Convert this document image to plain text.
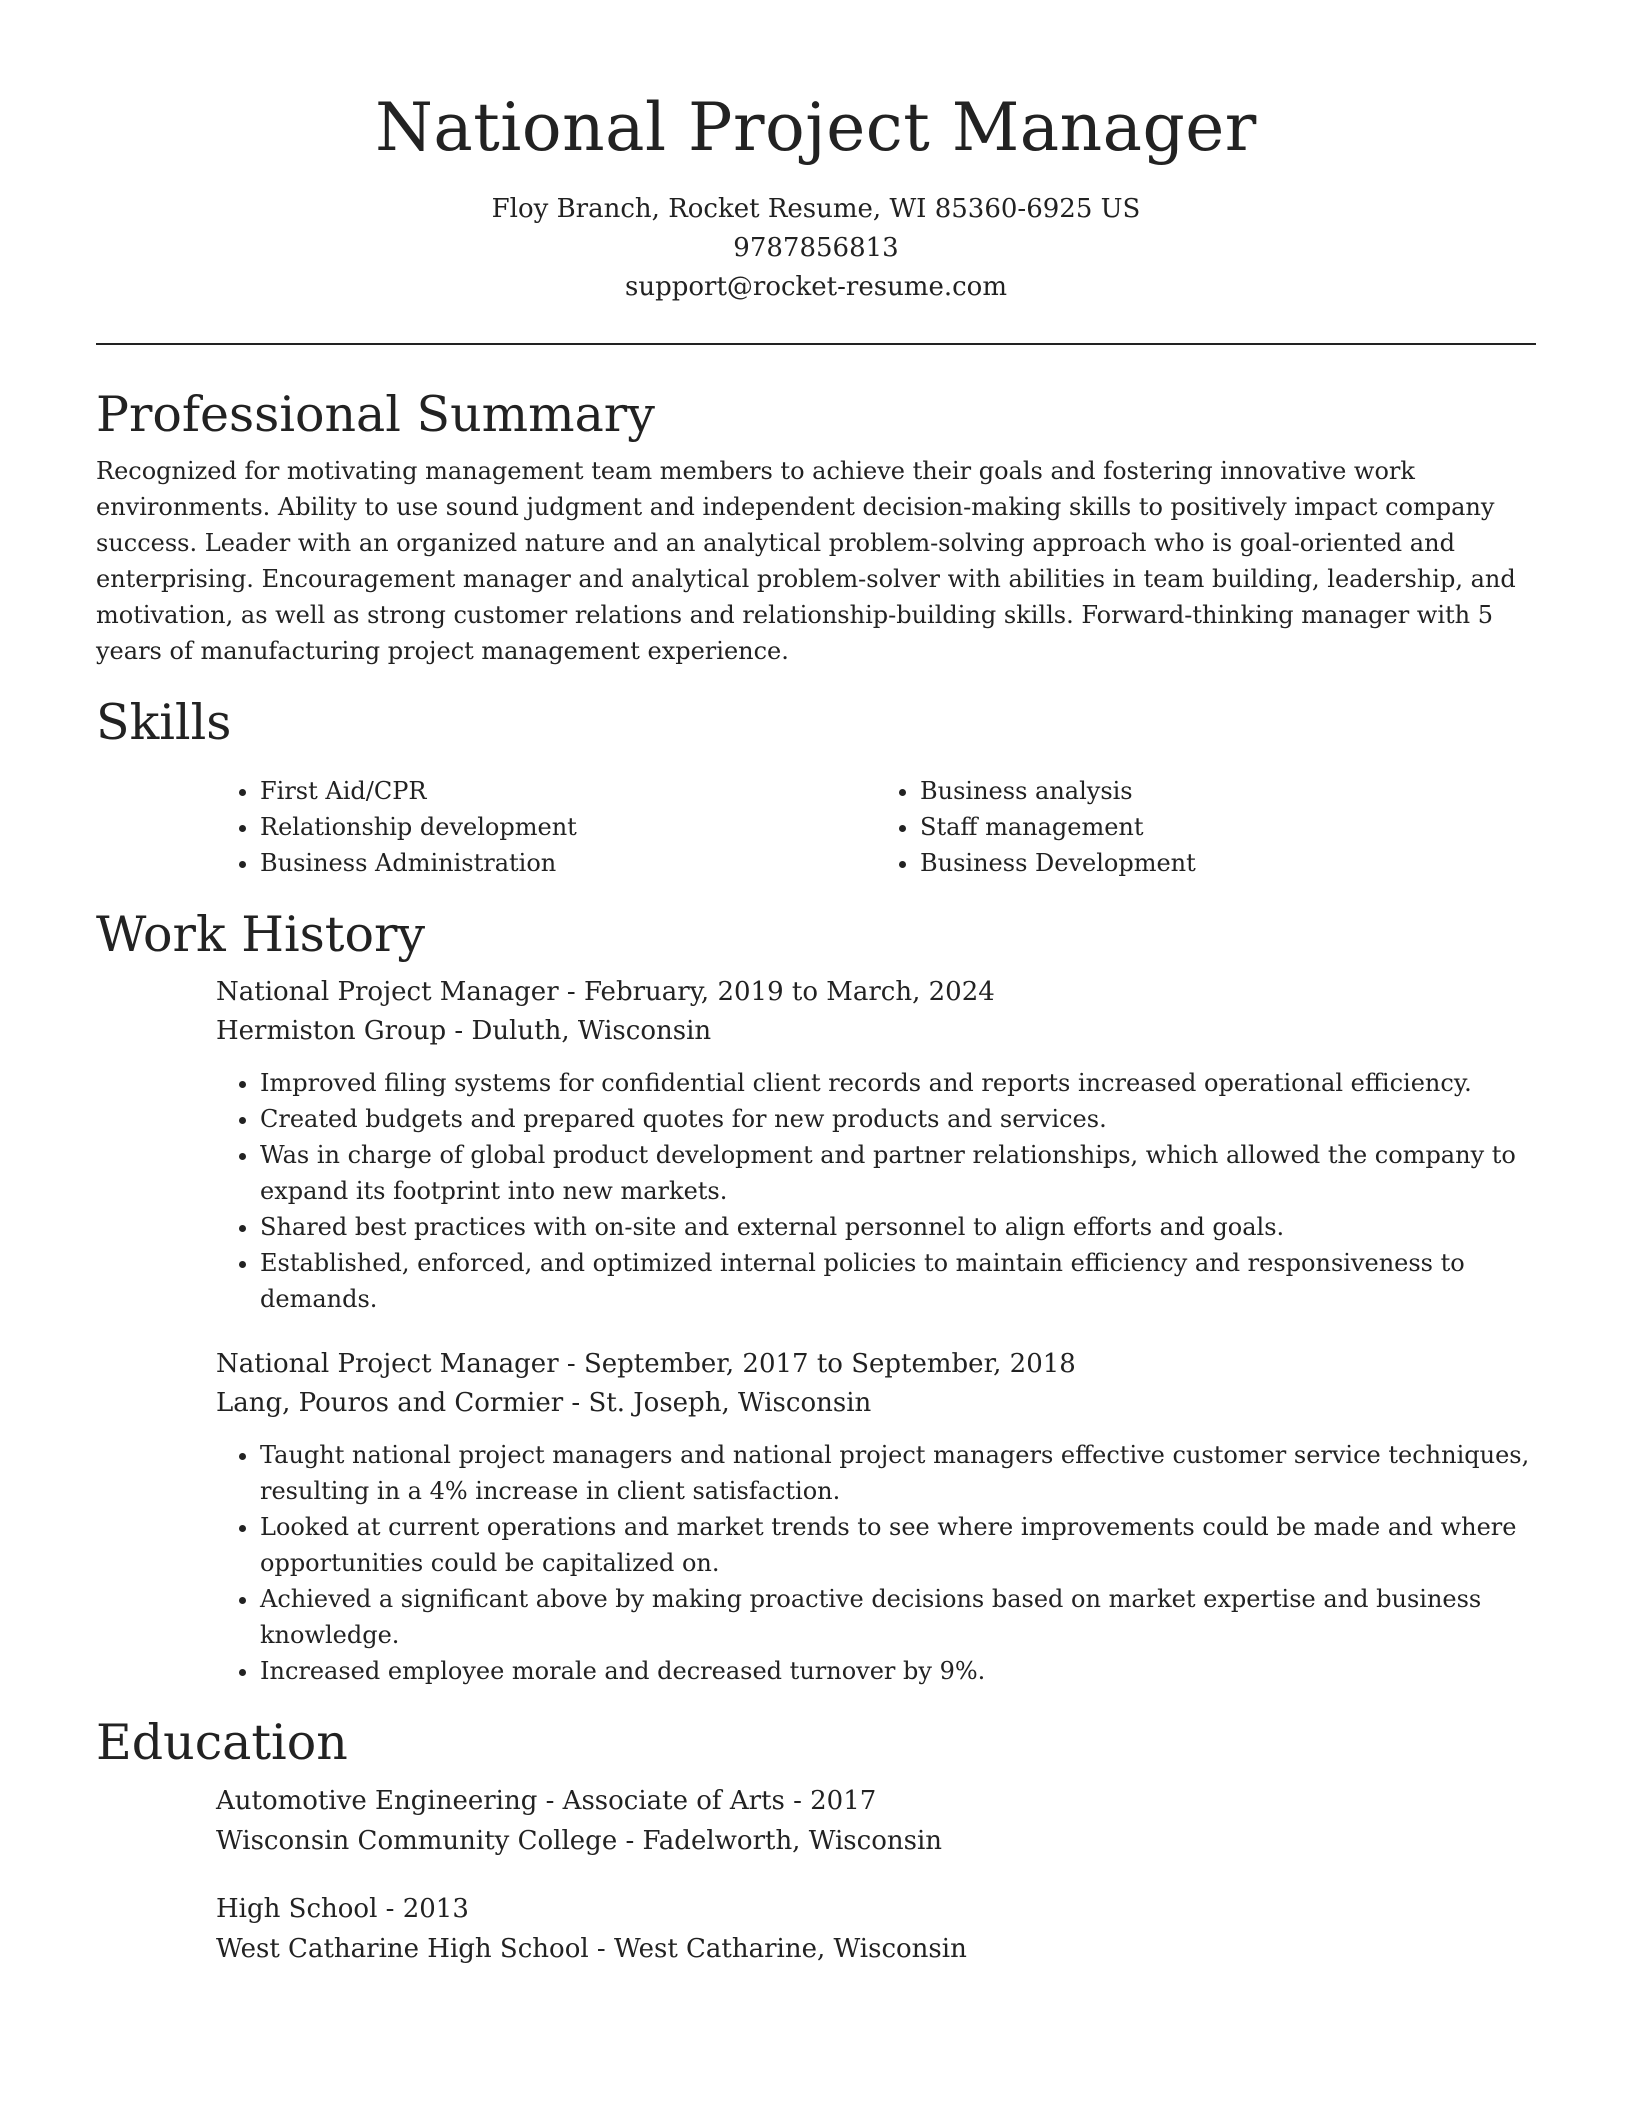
National Project Manager
Floy Branch, Rocket Resume, WI 85360-6925 US
9787856813
support@rocket-resume.com
Professional Summary

Recognized for motivating management team members to achieve their goals and fostering innovative work environments. Ability to use sound judgment and independent decision-making skills to positively impact company success. Leader with an organized nature and an analytical problem-solving approach who is goal-oriented and enterprising. Encouragement manager and analytical problem-solver with abilities in team building, leadership, and motivation, as well as strong customer relations and relationship-building skills. Forward-thinking manager with 5 years of manufacturing project management experience.

Skills
• First Aid/CPR
• Relationship development
• Business Administration
• Business analysis
• Staff management
• Business Development
Work History
National Project Manager - February, 2019 to March, 2024
Hermiston Group - Duluth, Wisconsin
• Improved filing systems for confidential client records and reports increased operational efficiency.
• Created budgets and prepared quotes for new products and services.
• Was in charge of global product development and partner relationships, which allowed the company to expand its footprint into new markets.
• Shared best practices with on-site and external personnel to align efforts and goals.
• Established, enforced, and optimized internal policies to maintain efficiency and responsiveness to demands.
National Project Manager - September, 2017 to September, 2018
Lang, Pouros and Cormier - St. Joseph, Wisconsin
• Taught national project managers and national project managers effective customer service techniques, resulting in a 4% increase in client satisfaction.
• Looked at current operations and market trends to see where improvements could be made and where opportunities could be capitalized on.
• Achieved a significant above by making proactive decisions based on market expertise and business knowledge.
• Increased employee morale and decreased turnover by 9%.
Education
Automotive Engineering - Associate of Arts - 2017
Wisconsin Community College - Fadelworth, Wisconsin
High School - 2013
West Catharine High School - West Catharine, Wisconsin
